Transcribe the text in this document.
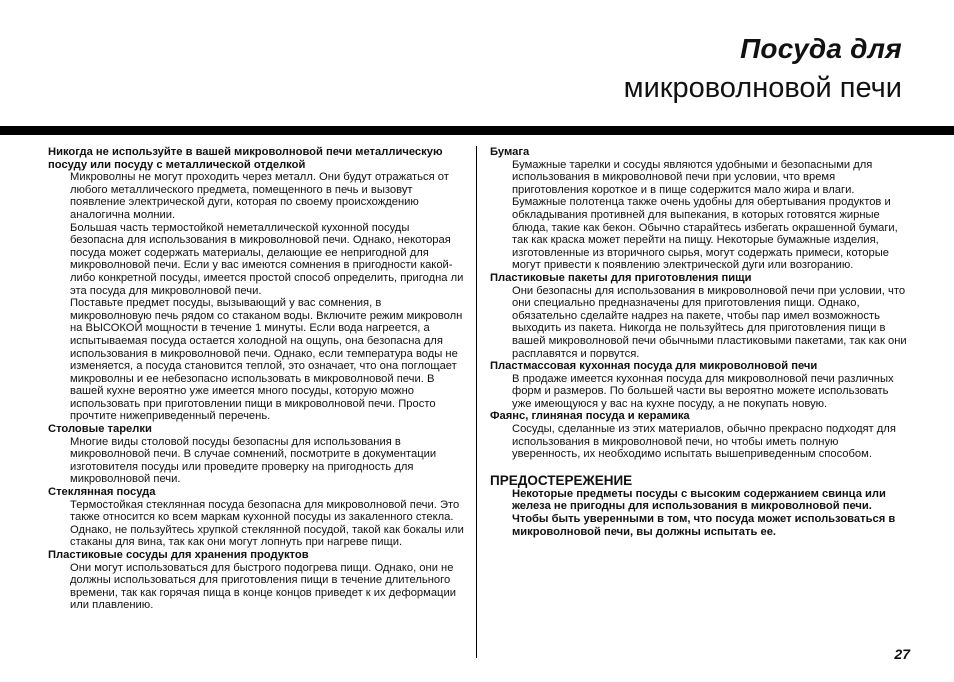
Посуда для
микроволновой печи
Никогда не используйте в вашей микроволновой печи металлическую посуду или посуду с металлической отделкой
Микроволны не могут проходить через металл. Они будут отражаться от любого металлического предмета, помещенного в печь и вызовут появление электрической дуги, которая по своему происхождению аналогична молнии.
Большая часть термостойкой неметаллической кухонной посуды безопасна для использования в микроволновой печи. Однако, некоторая посуда может содержать материалы, делающие ее непригодной для микроволновой печи. Если у вас имеются сомнения в пригодности какой-либо конкретной посуды, имеется простой способ определить, пригодна ли эта посуда для микроволновой печи.
Поставьте предмет посуды, вызывающий у вас сомнения, в микроволновую печь рядом со стаканом воды. Включите режим микроволн на ВЫСОКОЙ мощности в течение 1 минуты. Если вода нагреется, а испытываемая посуда остается холодной на ощупь, она безопасна для использования в микроволновой печи. Однако, если температура воды не изменяется, а посуда становится теплой, это означает, что она поглощает микроволны и ее небезопасно использовать в микроволновой печи. В вашей кухне вероятно уже имеется много посуды, которую можно использовать при приготовлении пищи в микроволновой печи. Просто прочтите нижеприведенный перечень.
Столовые тарелки
Многие виды столовой посуды безопасны для использования в микроволновой печи. В случае сомнений, посмотрите в документации изготовителя посуды или проведите проверку на пригодность для микроволновой печи.
Стеклянная посуда
Термостойкая стеклянная посуда безопасна для микроволновой печи. Это также относится ко всем маркам кухонной посуды из закаленного стекла. Однако, не пользуйтесь хрупкой стеклянной посудой, такой как бокалы или стаканы для вина, так как они могут лопнуть при нагреве пищи.
Пластиковые сосуды для хранения продуктов
Они могут использоваться для быстрого подогрева пищи. Однако, они не должны использоваться для приготовления пищи в течение длительного времени, так как горячая пища в конце концов приведет к их деформации или плавлению.
Бумага
Бумажные тарелки и сосуды являются удобными и безопасными для использования в микроволновой печи при условии, что время приготовления короткое и в пище содержится мало жира и влаги. Бумажные полотенца также очень удобны для обертывания продуктов и обкладывания противней для выпекания, в которых готовятся жирные блюда, такие как бекон. Обычно старайтесь избегать окрашенной бумаги, так как краска может перейти на пищу. Некоторые бумажные изделия, изготовленные из вторичного сырья, могут содержать примеси, которые могут привести к появлению электрической дуги или возгоранию.
Пластиковые пакеты для приготовления пищи
Они безопасны для использования в микроволновой печи при условии, что они специально предназначены для приготовления пищи. Однако, обязательно сделайте надрез на пакете, чтобы пар имел возможность выходить из пакета. Никогда не пользуйтесь для приготовления пищи в вашей микроволновой печи обычными пластиковыми пакетами, так как они расплавятся и порвутся.
Пластмассовая кухонная посуда для микроволновой печи
В продаже имеется кухонная посуда для микроволновой печи различных форм и размеров. По большей части вы вероятно можете использовать уже имеющуюся у вас на кухне посуду, а не покупать новую.
Фаянс, глиняная посуда и керамика
Сосуды, сделанные из этих материалов, обычно прекрасно подходят для использования в микроволновой печи, но чтобы иметь полную уверенность, их необходимо испытать вышеприведенным способом.
ПРЕДОСТЕРЕЖЕНИЕ
Некоторые предметы посуды с высоким содержанием свинца или железа не пригодны для использования в микроволновой печи.
Чтобы быть уверенными в том, что посуда может использоваться в микроволновой печи, вы должны испытать ее.
27
